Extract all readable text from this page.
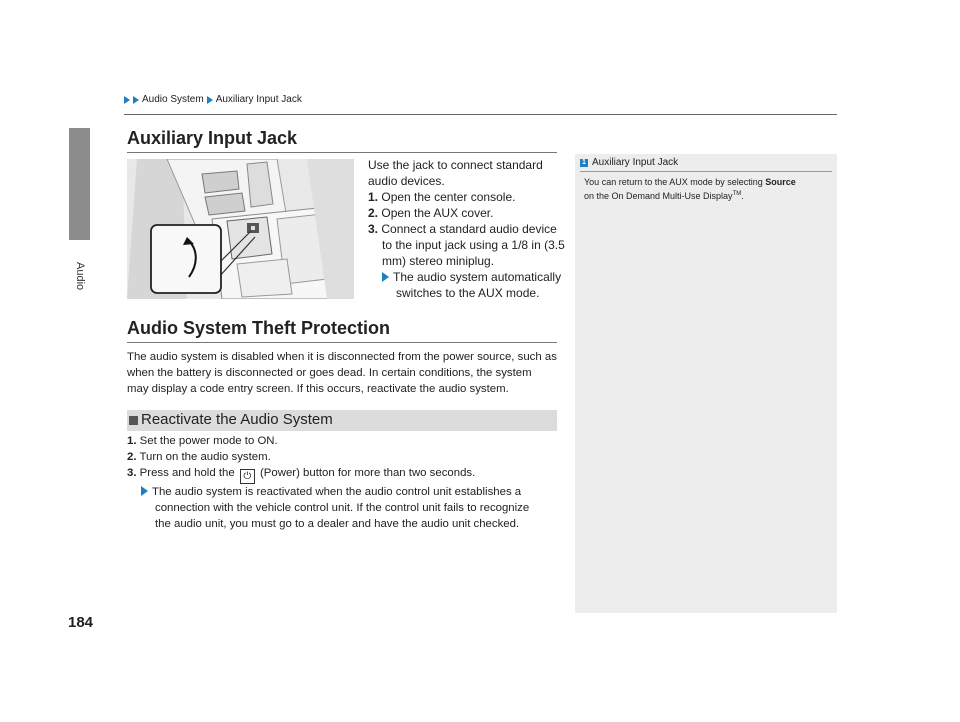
Audio
184
Audio System Auxiliary Input Jack
Auxiliary Input Jack
Use the jack to connect standard
audio devices.
1. Open the center console.
2. Open the AUX cover.
3. Connect a standard audio device
to the input jack using a 1/8 in (3.5
mm) stereo miniplug.
The audio system automatically
switches to the AUX mode.
Audio System Theft Protection
The audio system is disabled when it is disconnected from the power source, such as
when the battery is disconnected or goes dead. In certain conditions, the system
may display a code entry screen. If this occurs, reactivate the audio system.
Reactivate the Audio System
1. Set the power mode to ON.
2. Turn on the audio system.
3. Press and hold the ⏻ (Power) button for more than two seconds.
The audio system is reactivated when the audio control unit establishes a
connection with the vehicle control unit. If the control unit fails to recognize
the audio unit, you must go to a dealer and have the audio unit checked.
1 Auxiliary Input Jack
You can return to the AUX mode by selecting Source
on the On Demand Multi-Use Display™.
